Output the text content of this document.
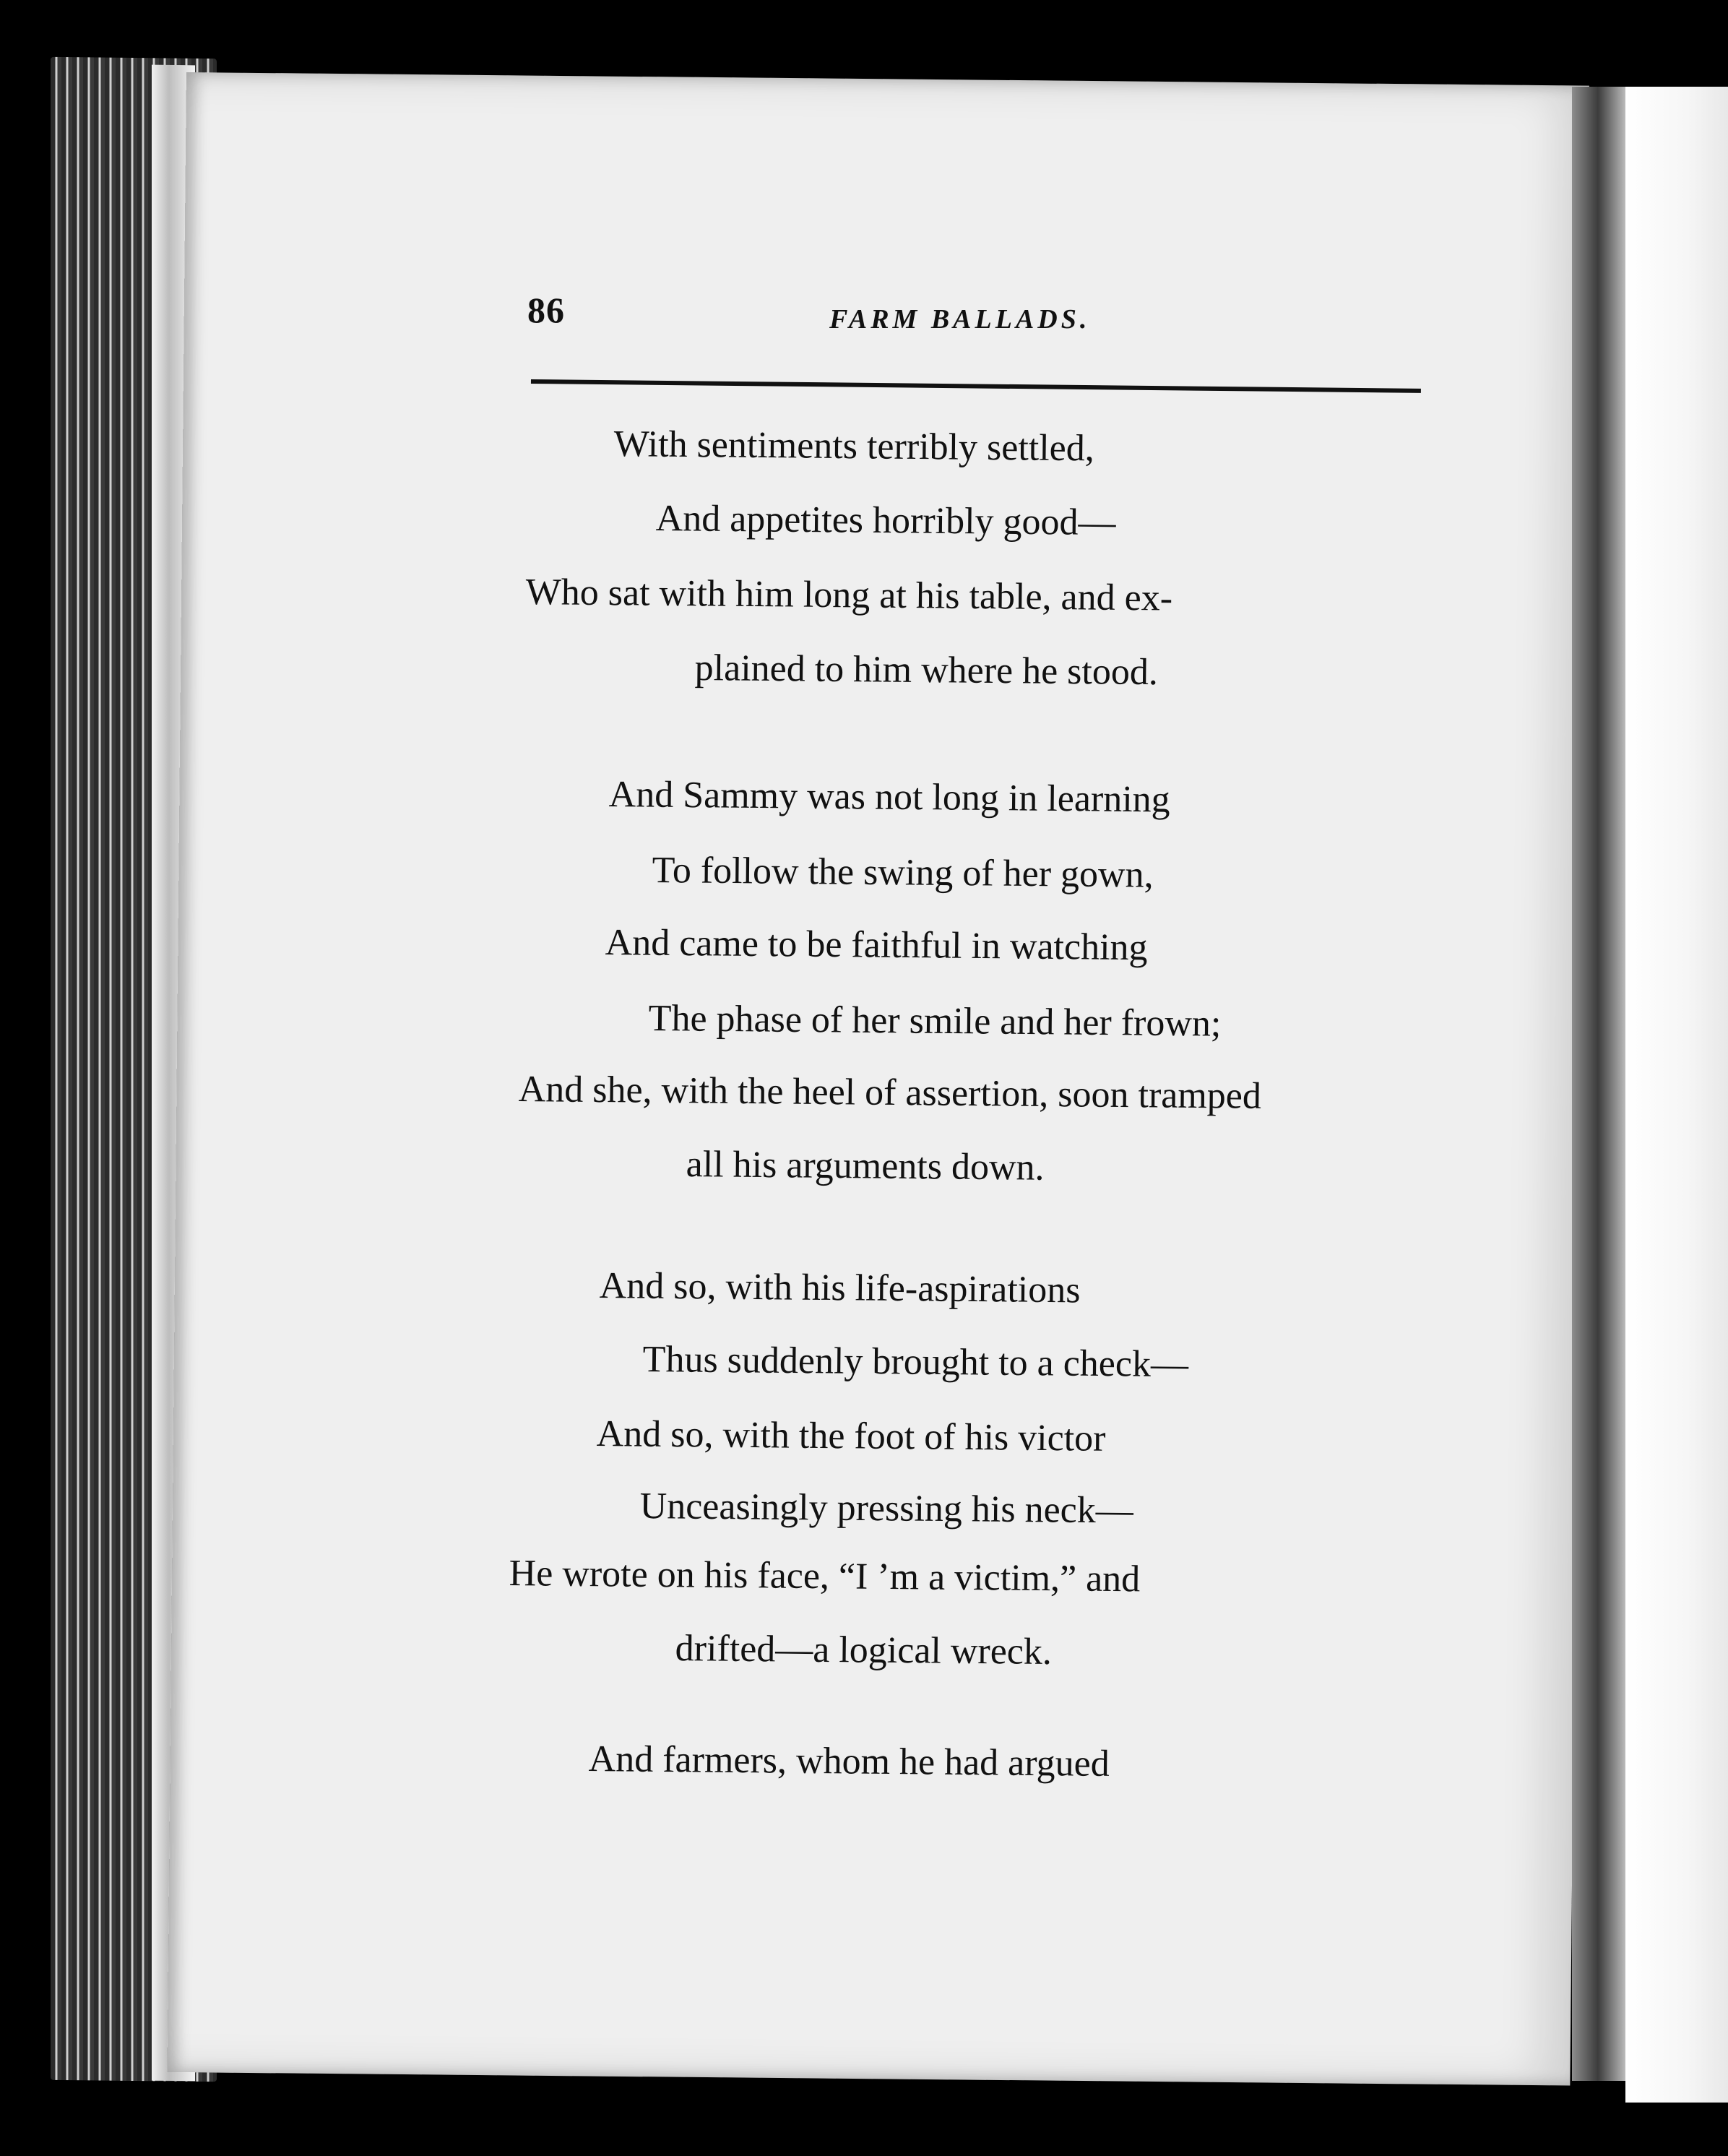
86	FARM BALLADS.
With sentiments terribly settled,
And appetites horribly good—
Who sat with him long at his table, and ex-
plained to him where he stood.
And Sammy was not long in learning
To follow the swing of her gown,
And came to be faithful in watching
The phase of her smile and her frown;
And she, with the heel of assertion, soon tramped
all his arguments down.
And so, with his life-aspirations
Thus suddenly brought to a check—
And so, with the foot of his victor
Unceasingly pressing his neck—
He wrote on his face, “I ’m a victim,” and
drifted—a logical wreck.
And farmers, whom he had argued
